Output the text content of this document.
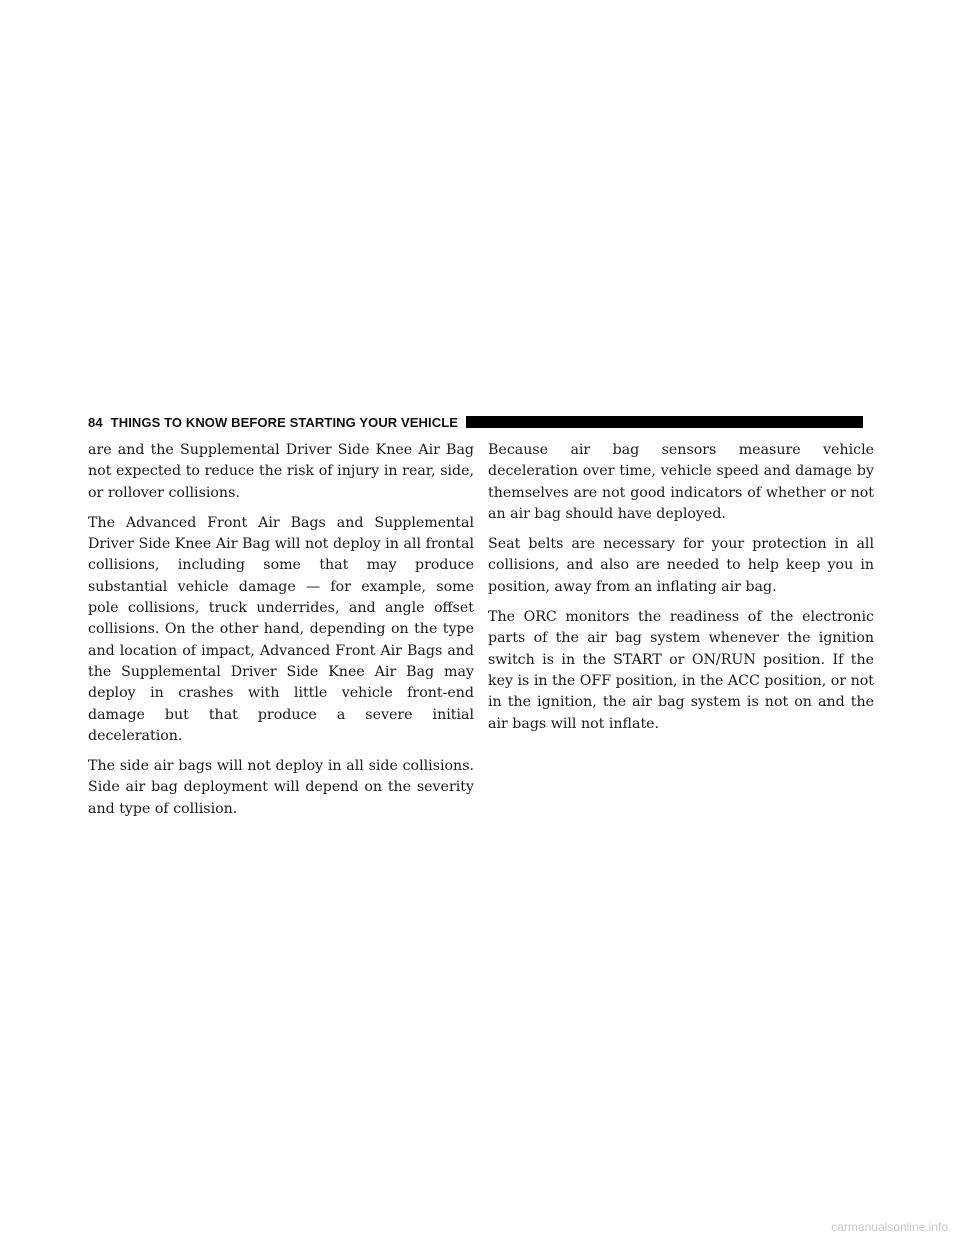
84 THINGS TO KNOW BEFORE STARTING YOUR VEHICLE

are and the Supplemental Driver Side Knee Air Bag not expected to reduce the risk of injury in rear, side, or rollover collisions.

The Advanced Front Air Bags and Supplemental Driver Side Knee Air Bag will not deploy in all frontal collisions, including some that may produce substantial vehicle damage — for example, some pole collisions, truck underrides, and angle offset collisions. On the other hand, depending on the type and location of impact, Advanced Front Air Bags and the Supplemental Driver Side Knee Air Bag may deploy in crashes with little vehicle front-end damage but that produce a severe initial deceleration.

The side air bags will not deploy in all side collisions. Side air bag deployment will depend on the severity and type of collision.

Because air bag sensors measure vehicle deceleration over time, vehicle speed and damage by themselves are not good indicators of whether or not an air bag should have deployed.

Seat belts are necessary for your protection in all collisions, and also are needed to help keep you in position, away from an inflating air bag.

The ORC monitors the readiness of the electronic parts of the air bag system whenever the ignition switch is in the START or ON/RUN position. If the key is in the OFF position, in the ACC position, or not in the ignition, the air bag system is not on and the air bags will not inflate.

carmanualsonline.info
